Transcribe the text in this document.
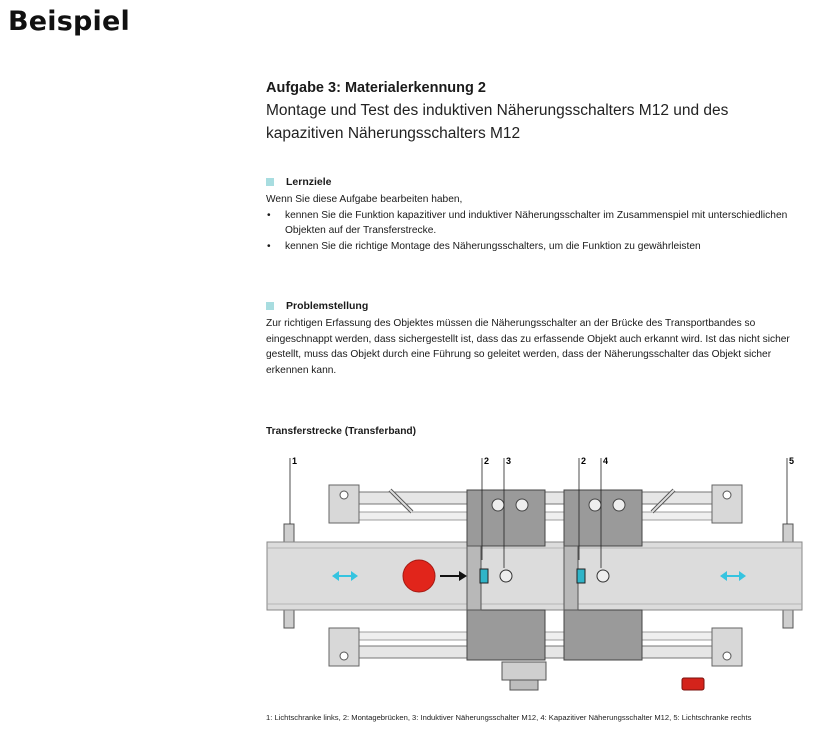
Beispiel

Aufgabe 3: Materialerkennung 2

Montage und Test des induktiven Näherungsschalters M12 und des
kapazitiven Näherungsschalters M12

Lernziele
Wenn Sie diese Aufgabe bearbeiten haben,
• kennen Sie die Funktion kapazitiver und induktiver Näherungsschalter im Zusammenspiel mit unterschiedlichen Objekten auf der Transferstrecke.
• kennen Sie die richtige Montage des Näherungsschalters, um die Funktion zu gewährleisten
Problemstellung
Zur richtigen Erfassung des Objektes müssen die Näherungsschalter an der Brücke des Transportbandes so eingeschnappt werden, dass sichergestellt ist, dass das zu erfassende Objekt auch erkannt wird. Ist das nicht sicher gestellt, muss das Objekt durch eine Führung so geleitet werden, dass der Näherungsschalter das Objekt sicher erkennen kann.
Transferstrecke (Transferband)
1	2 3	2 4	5
1: Lichtschranke links, 2: Montagebrücken, 3: Induktiver Näherungsschalter M12, 4: Kapazitiver Näherungsschalter M12, 5: Lichtschranke rechts
